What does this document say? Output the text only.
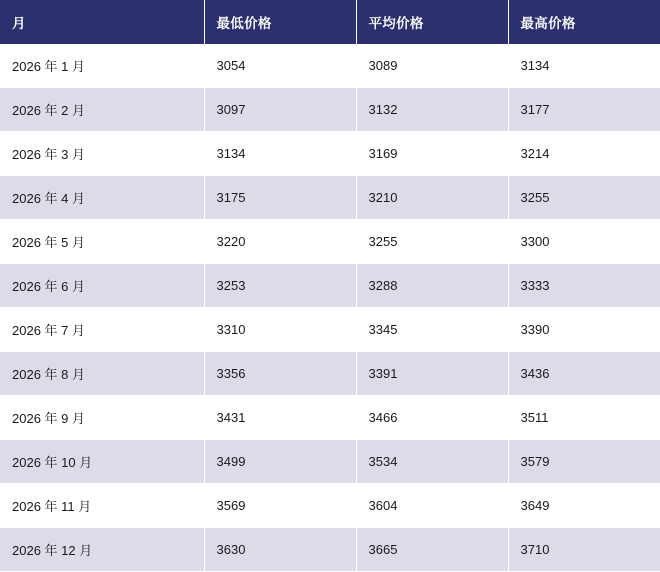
月	最低价格	平均价格	最高价格
2026 年 1 月	3054	3089	3134
2026 年 2 月	3097	3132	3177
2026 年 3 月	3134	3169	3214
2026 年 4 月	3175	3210	3255
2026 年 5 月	3220	3255	3300
2026 年 6 月	3253	3288	3333
2026 年 7 月	3310	3345	3390
2026 年 8 月	3356	3391	3436
2026 年 9 月	3431	3466	3511
2026 年 10 月	3499	3534	3579
2026 年 11 月	3569	3604	3649
2026 年 12 月	3630	3665	3710
